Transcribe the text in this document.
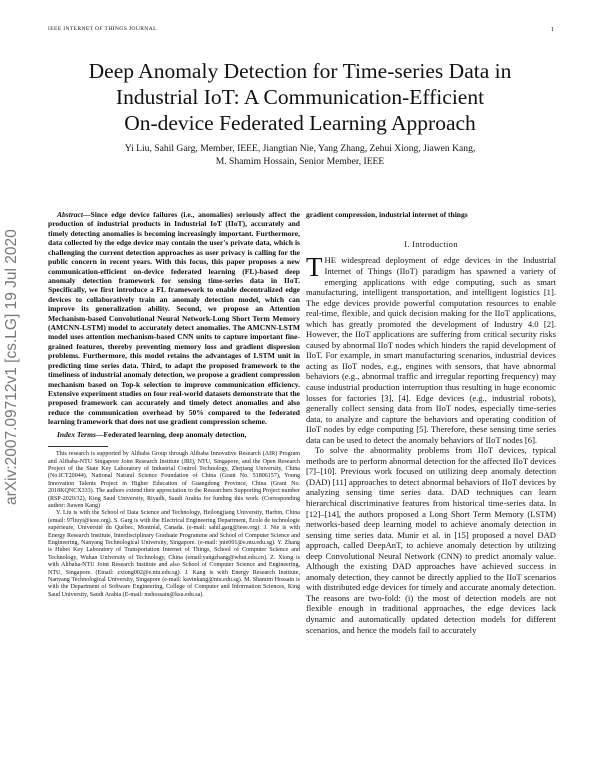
IEEE INTERNET OF THINGS JOURNAL	1
arXiv:2007.09712v1 [cs.LG] 19 Jul 2020
Deep Anomaly Detection for Time-series Data in
Industrial IoT: A Communication-Efficient
On-device Federated Learning Approach
Yi Liu, Sahil Garg, Member, IEEE, Jiangtian Nie, Yang Zhang, Zehui Xiong, Jiawen Kang,
M. Shamim Hossain, Senior Member, IEEE

Abstract—Since edge device failures (i.e., anomalies) seriously affect the production of industrial products in Industrial IoT (IIoT), accurately and timely detecting anomalies is becoming increasingly important. Furthermore, data collected by the edge device may contain the user's private data, which is challenging the current detection approaches as user privacy is calling for the public concern in recent years. With this focus, this paper proposes a new communication-efficient on-device federated learning (FL)-based deep anomaly detection framework for sensing time-series data in IIoT. Specifically, we first introduce a FL framework to enable decentralized edge devices to collaboratively train an anomaly detection model, which can improve its generalization ability. Second, we propose an Attention Mechanism-based Convolutional Neural Network-Long Short Term Memory (AMCNN-LSTM) model to accurately detect anomalies. The AMCNN-LSTM model uses attention mechanism-based CNN units to capture important fine-grained features, thereby preventing memory loss and gradient dispersion problems. Furthermore, this model retains the advantages of LSTM unit in predicting time series data. Third, to adapt the proposed framework to the timeliness of industrial anomaly detection, we propose a gradient compression mechanism based on Top-k selection to improve communication efficiency. Extensive experiment studies on four real-world datasets demonstrate that the proposed framework can accurately and timely detect anomalies and also reduce the communication overhead by 50% compared to the federated learning framework that does not use gradient compression scheme.

Index Terms—Federated learning, deep anomaly detection,

This research is supported by Alibaba Group through Alibaba Innovative Research (AIR) Program and Alibaba-NTU Singapore Joint Research Institute (JRI), NTU, Singapore, and the Open Research Project of the State Key Laboratory of Industrial Control Technology, Zhejiang University, China (No.ICT20044), National Natural Science Foundation of China (Grant No. 51806157), Young Innovation Talents Project in Higher Education of Guangdong Province, China (Grant No. 2018KQNCX333). The authors extend their appreciation to the Researchers Supporting Project number (RSP-2020/32), King Saud University, Riyadh, Saudi Arabia for funding this work. (Corresponding author: Jiawen Kang)

Y. Liu is with the School of Data Science and Technology, Heilongjiang University, Harbin, China (email: 97liuyi@ieee.org). S. Garg is with the Electrical Engineering Department, École de technologie supérieure, Université du Québec, Montréal, Canada. (e-mail: sahil.garg@ieee.org). J. Nie is with Energy Research Institute, Interdisciplinary Graduate Programme and School of Computer Science and Engineering, Nanyang Technological University, Singapore. (e-mail: jnie001@e.ntu.edu.sg). Y. Zhang is Hubei Key Laboratory of Transportation Internet of Things, School of Computer Science and Technology, Wuhan University of Technology, China (email:yangzhang@whut.edu.cn). Z. Xiong is with Alibaba-NTU Joint Research Institute and also School of Computer Science and Engineering, NTU, Singapore. (Email: zxiong002@e.ntu.edu.sg). J. Kang is with Energy Research Institute, Nanyang Technological University, Singapore (e-mail: kavinkang@ntu.edu.sg). M. Shamim Hossain is with the Department of Software Engineering, College of Computer and Information Sciences, King Saud University, Saudi Arabia (E-mail: mshossain@ksu.edu.sa).

gradient compression, industrial internet of things

I. Introduction

THE widespread deployment of edge devices in the Industrial Internet of Things (IIoT) paradigm has spawned a variety of emerging applications with edge computing, such as smart manufacturing, intelligent transportation, and intelligent logistics [1]. The edge devices provide powerful computation resources to enable real-time, flexible, and quick decision making for the IIoT applications, which has greatly promoted the development of Industry 4.0 [2]. However, the IIoT applications are suffering from critical security risks caused by abnormal IIoT nodes which hinders the rapid development of IIoT. For example, in smart manufacturing scenarios, industrial devices acting as IIoT nodes, e.g., engines with sensors, that have abnormal behaviors (e.g., abnormal traffic and irregular reporting frequency) may cause industrial production interruption thus resulting in huge economic losses for factories [3], [4]. Edge devices (e.g., industrial robots), generally collect sensing data from IIoT nodes, especially time-series data, to analyze and capture the behaviors and operating condition of IIoT nodes by edge computing [5]. Therefore, these sensing time series data can be used to detect the anomaly behaviors of IIoT nodes [6].

To solve the abnormality problems from IIoT devices, typical methods are to perform abnormal detection for the affected IIoT devices [7]–[10]. Previous work focused on utilizing deep anomaly detection (DAD) [11] approaches to detect abnormal behaviors of IIoT devices by analyzing sensing time series data. DAD techniques can learn hierarchical discriminative features from historical time-series data. In [12]–[14], the authors proposed a Long Short Term Memory (LSTM) networks-based deep learning model to achieve anomaly detection in sensing time series data. Munir et al. in [15] proposed a novel DAD approach, called DeepAnT, to achieve anomaly detection by utilizing deep Convolutional Neural Network (CNN) to predict anomaly value. Although the existing DAD approaches have achieved success in anomaly detection, they cannot be directly applied to the IIoT scenarios with distributed edge devices for timely and accurate anomaly detection. The reasons are two-fold: (i) the most of detection models are not flexible enough in traditional approaches, the edge devices lack dynamic and automatically updated detection models for different scenarios, and hence the models fail to accurately
